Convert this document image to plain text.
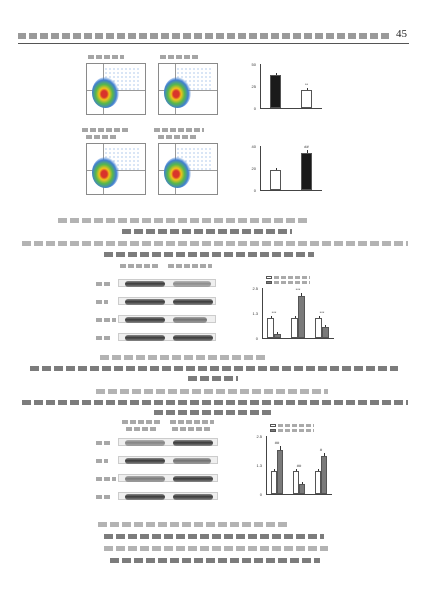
45
0
25
50
**
0
20
40	##
0
1.3
2.5
***
***
***
0
1.3
2.5
##
##
#
